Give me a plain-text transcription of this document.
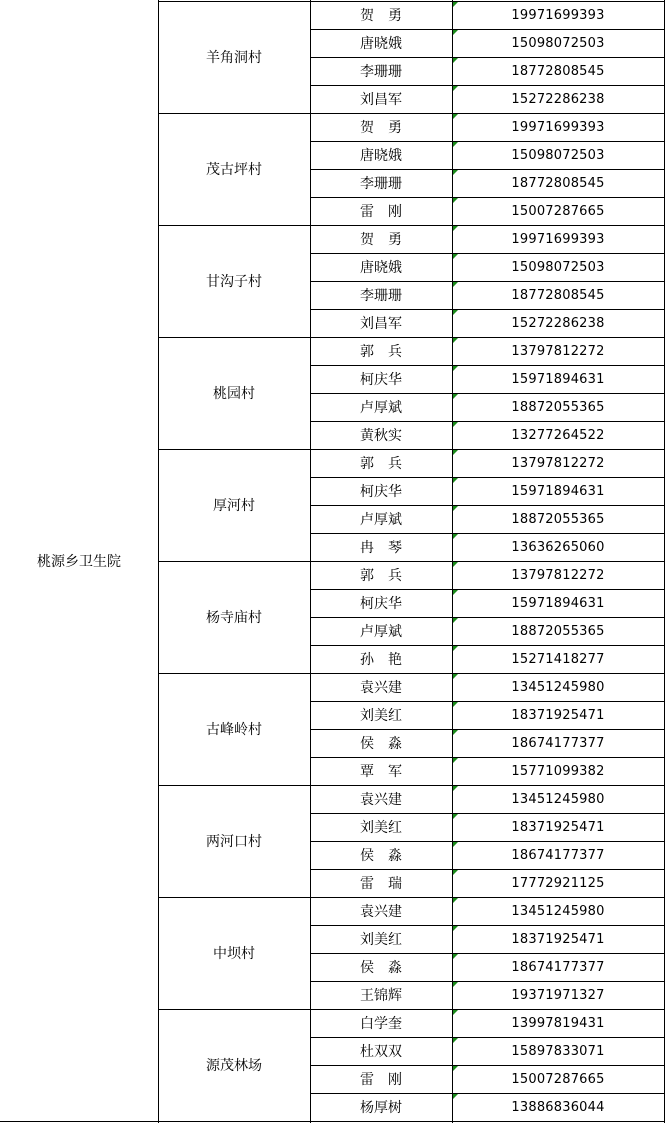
桃源乡卫生院
羊角洞村
贺　勇	19971699393
唐晓娥	15098072503
李珊珊	18772808545
刘昌军	15272286238
茂古坪村
贺　勇	19971699393
唐晓娥	15098072503
李珊珊	18772808545
雷　刚	15007287665
甘沟子村
贺　勇	19971699393
唐晓娥	15098072503
李珊珊	18772808545
刘昌军	15272286238
桃园村
郭　兵	13797812272
柯庆华	15971894631
卢厚斌	18872055365
黄秋实	13277264522
厚河村
郭　兵	13797812272
柯庆华	15971894631
卢厚斌	18872055365
冉　琴	13636265060
杨寺庙村
郭　兵	13797812272
柯庆华	15971894631
卢厚斌	18872055365
孙　艳	15271418277
古峰岭村
袁兴建	13451245980
刘美红	18371925471
侯　淼	18674177377
覃　军	15771099382
两河口村
袁兴建	13451245980
刘美红	18371925471
侯　淼	18674177377
雷　瑞	17772921125
中坝村
袁兴建	13451245980
刘美红	18371925471
侯　淼	18674177377
王锦辉	19371971327
源茂林场
白学奎	13997819431
杜双双	15897833071
雷　刚	15007287665
杨厚树	13886836044
